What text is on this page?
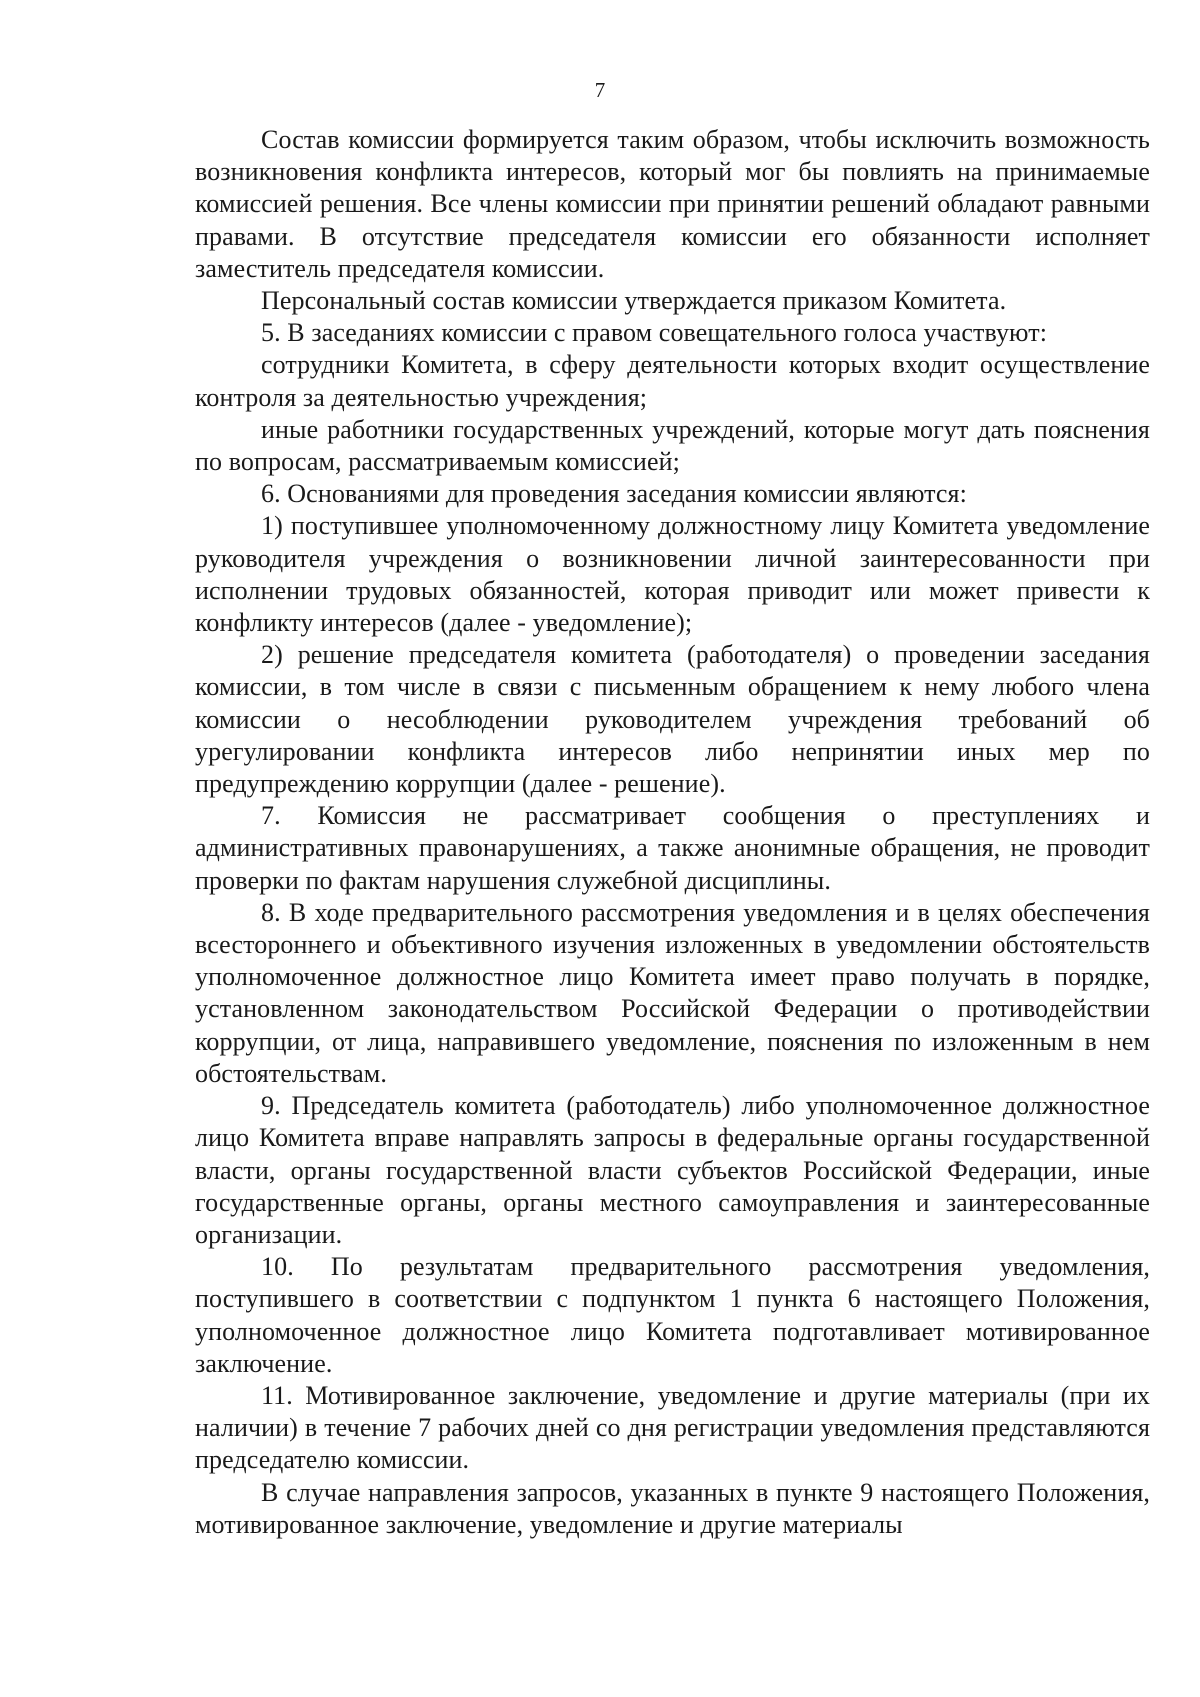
7

Состав комиссии формируется таким образом, чтобы исключить возможность возникновения конфликта интересов, который мог бы повлиять на принимаемые комиссией решения. Все члены комиссии при принятии решений обладают равными правами. В отсутствие председателя комиссии его обязанности исполняет заместитель председателя комиссии.

Персональный состав комиссии утверждается приказом Комитета.

5. В заседаниях комиссии с правом совещательного голоса участвуют:

сотрудники Комитета, в сферу деятельности которых входит осуществление контроля за деятельностью учреждения;

иные работники государственных учреждений, которые могут дать пояснения по вопросам, рассматриваемым комиссией;

6. Основаниями для проведения заседания комиссии являются:

1) поступившее уполномоченному должностному лицу Комитета уведомление руководителя учреждения о возникновении личной заинтересованности при исполнении трудовых обязанностей, которая приводит или может привести к конфликту интересов (далее - уведомление);

2) решение председателя комитета (работодателя) о проведении заседания комиссии, в том числе в связи с письменным обращением к нему любого члена комиссии о несоблюдении руководителем учреждения требований об урегулировании конфликта интересов либо непринятии иных мер по предупреждению коррупции (далее - решение).

7. Комиссия не рассматривает сообщения о преступлениях и административных правонарушениях, а также анонимные обращения, не проводит проверки по фактам нарушения служебной дисциплины.

8. В ходе предварительного рассмотрения уведомления и в целях обеспечения всестороннего и объективного изучения изложенных в уведомлении обстоятельств уполномоченное должностное лицо Комитета имеет право получать в порядке, установленном законодательством Российской Федерации о противодействии коррупции, от лица, направившего уведомление, пояснения по изложенным в нем обстоятельствам.

9. Председатель комитета (работодатель) либо уполномоченное должностное лицо Комитета вправе направлять запросы в федеральные органы государственной власти, органы государственной власти субъектов Российской Федерации, иные государственные органы, органы местного самоуправления и заинтересованные организации.

10. По результатам предварительного рассмотрения уведомления, поступившего в соответствии с подпунктом 1 пункта 6 настоящего Положения, уполномоченное должностное лицо Комитета подготавливает мотивированное заключение.

11. Мотивированное заключение, уведомление и другие материалы (при их наличии) в течение 7 рабочих дней со дня регистрации уведомления представляются председателю комиссии.

В случае направления запросов, указанных в пункте 9 настоящего Положения, мотивированное заключение, уведомление и другие материалы
